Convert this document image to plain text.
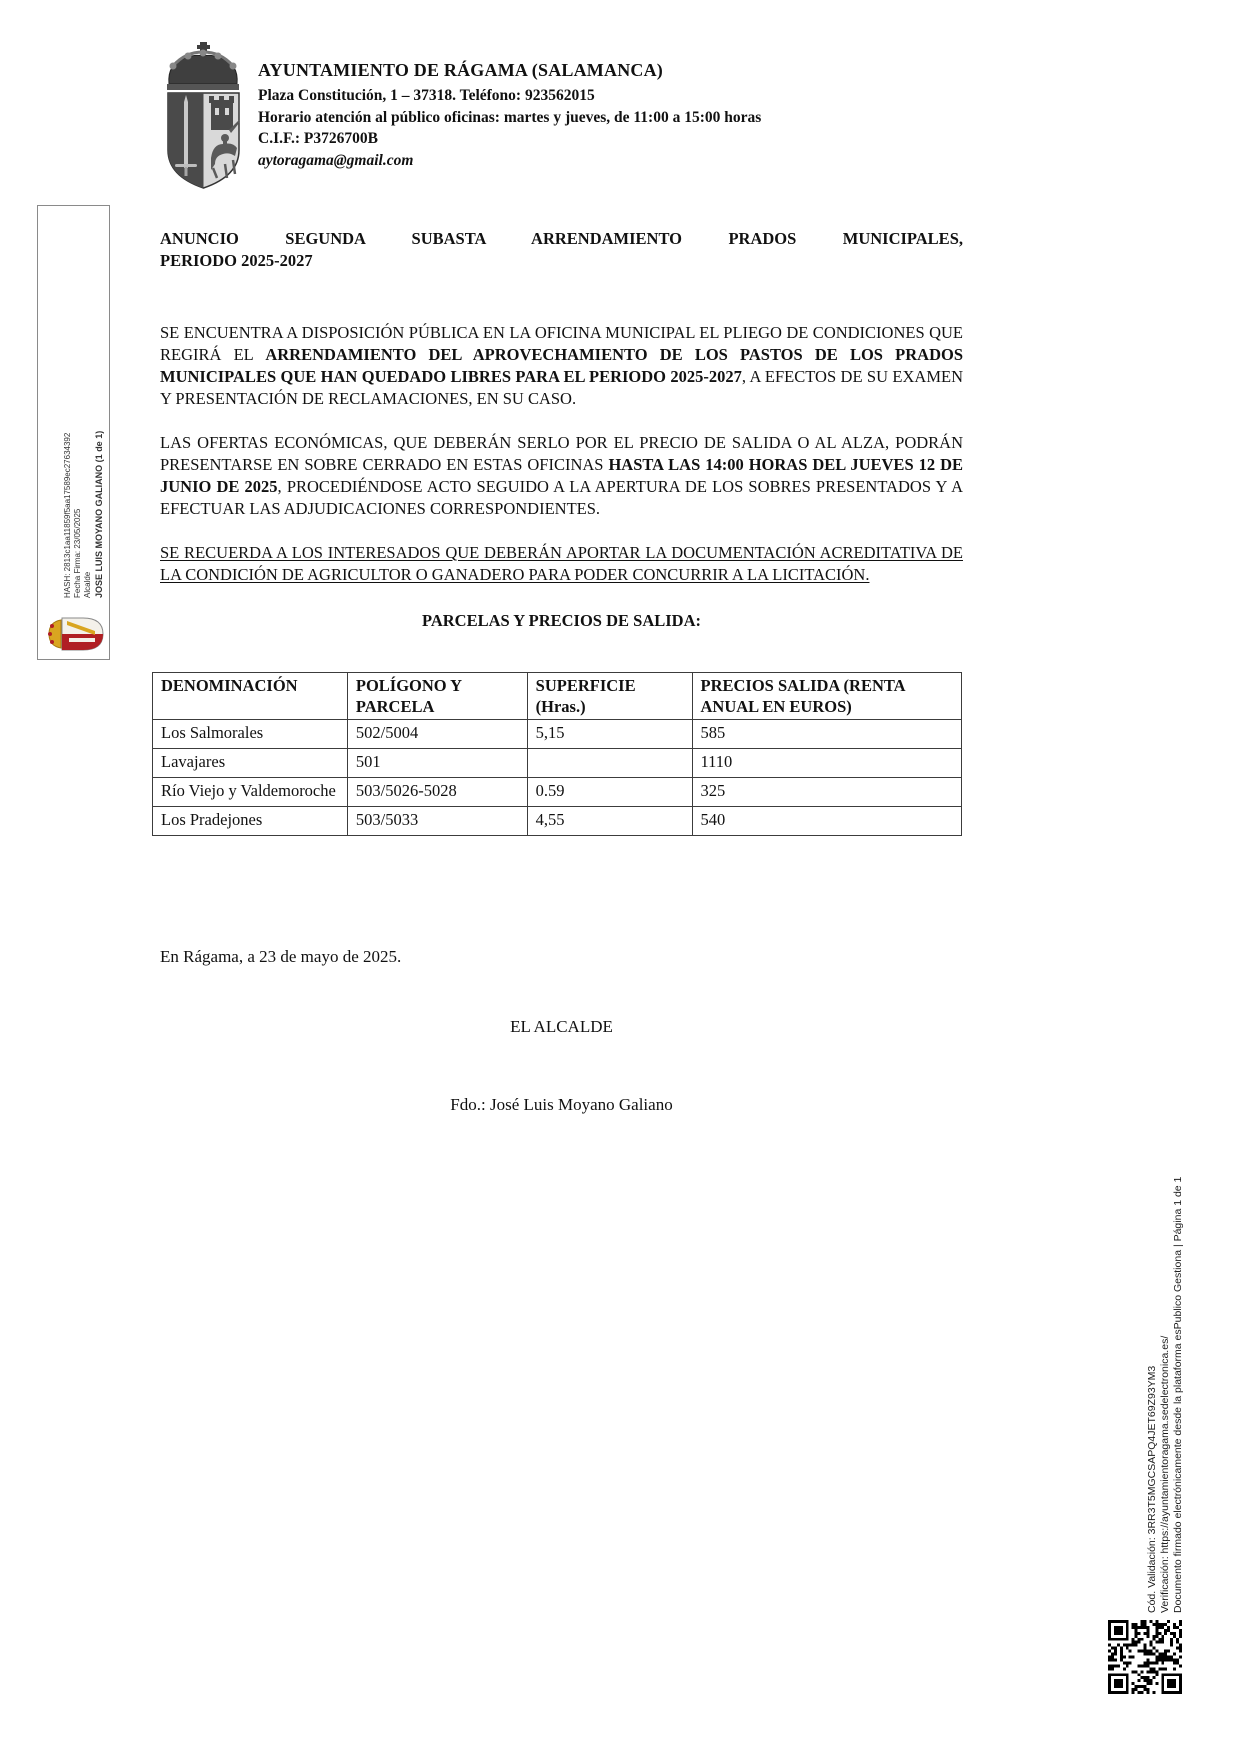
AYUNTAMIENTO DE RÁGAMA (SALAMANCA)
Plaza Constitución, 1 – 37318. Teléfono: 923562015
Horario atención al público oficinas: martes y jueves, de 11:00 a 15:00 horas
C.I.F.: P3726700B
aytoragama@gmail.com
HASH: 2813c1aa11859f5aa17589ec27634392 Fecha Firma: 23/05/2025 Alcalde JOSE LUIS MOYANO GALIANO (1 de 1)
ANUNCIO SEGUNDA SUBASTA ARRENDAMIENTO PRADOS MUNICIPALES,
PERIODO 2025-2027
SE ENCUENTRA A DISPOSICIÓN PÚBLICA EN LA OFICINA MUNICIPAL EL PLIEGO DE CONDICIONES QUE REGIRÁ EL ARRENDAMIENTO DEL APROVECHAMIENTO DE LOS PASTOS DE LOS PRADOS MUNICIPALES QUE HAN QUEDADO LIBRES PARA EL PERIODO 2025-2027, A EFECTOS DE SU EXAMEN Y PRESENTACIÓN DE RECLAMACIONES, EN SU CASO.
LAS OFERTAS ECONÓMICAS, QUE DEBERÁN SERLO POR EL PRECIO DE SALIDA O AL ALZA, PODRÁN PRESENTARSE EN SOBRE CERRADO EN ESTAS OFICINAS HASTA LAS 14:00 HORAS DEL JUEVES 12 DE JUNIO DE 2025, PROCEDIÉNDOSE ACTO SEGUIDO A LA APERTURA DE LOS SOBRES PRESENTADOS Y A EFECTUAR LAS ADJUDICACIONES CORRESPONDIENTES.
SE RECUERDA A LOS INTERESADOS QUE DEBERÁN APORTAR LA DOCUMENTACIÓN ACREDITATIVA DE LA CONDICIÓN DE AGRICULTOR O GANADERO PARA PODER CONCURRIR A LA LICITACIÓN.
PARCELAS Y PRECIOS DE SALIDA:
DENOMINACIÓN	POLÍGONO Y PARCELA	SUPERFICIE (Hras.)	PRECIOS SALIDA (RENTA ANUAL EN EUROS)
Los Salmorales	502/5004	5,15	585
Lavajares	501		1110
Río Viejo y Valdemoroche	503/5026-5028	0.59	325
Los Pradejones	503/5033	4,55	540
En Rágama, a 23 de mayo de 2025.
EL ALCALDE
Fdo.: José Luis Moyano Galiano
Cód. Validación: 3RR3T5MGCSAPQ4JET69Z93YM3 Verificación: https://ayuntamientoragama.sedelectronica.es/ Documento firmado electrónicamente desde la plataforma esPublico Gestiona | Página 1 de 1
